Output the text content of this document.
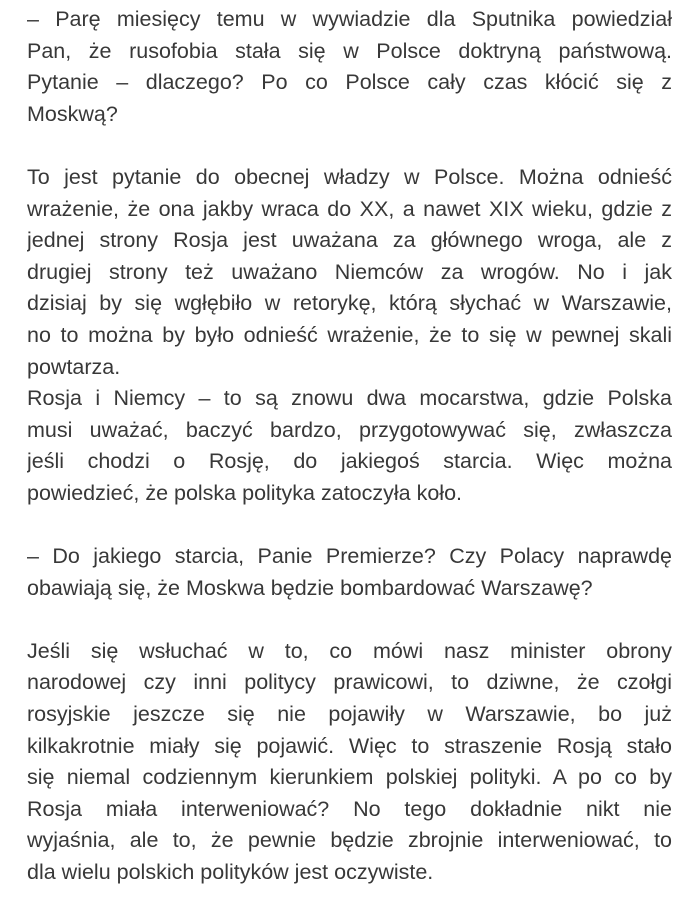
– Parę miesięcy temu w wywiadzie dla Sputnika powiedział
Pan, że rusofobia stała się w Polsce doktryną państwową.
Pytanie – dlaczego? Po co Polsce cały czas kłócić się z
Moskwą?
To jest pytanie do obecnej władzy w Polsce. Można odnieść
wrażenie, że ona jakby wraca do XX, a nawet XIX wieku, gdzie z
jednej strony Rosja jest uważana za głównego wroga, ale z
drugiej strony też uważano Niemców za wrogów. No i jak
dzisiaj by się wgłębiło w retorykę, którą słychać w Warszawie,
no to można by było odnieść wrażenie, że to się w pewnej skali
powtarza.
Rosja i Niemcy – to są znowu dwa mocarstwa, gdzie Polska
musi uważać, baczyć bardzo, przygotowywać się, zwłaszcza
jeśli chodzi o Rosję, do jakiegoś starcia. Więc można
powiedzieć, że polska polityka zatoczyła koło.
– Do jakiego starcia, Panie Premierze? Czy Polacy naprawdę
obawiają się, że Moskwa będzie bombardować Warszawę?
Jeśli się wsłuchać w to, co mówi nasz minister obrony
narodowej czy inni politycy prawicowi, to dziwne, że czołgi
rosyjskie jeszcze się nie pojawiły w Warszawie, bo już
kilkakrotnie miały się pojawić. Więc to straszenie Rosją stało
się niemal codziennym kierunkiem polskiej polityki. A po co by
Rosja miała interweniować? No tego dokładnie nikt nie
wyjaśnia, ale to, że pewnie będzie zbrojnie interweniować, to
dla wielu polskich polityków jest oczywiste.
